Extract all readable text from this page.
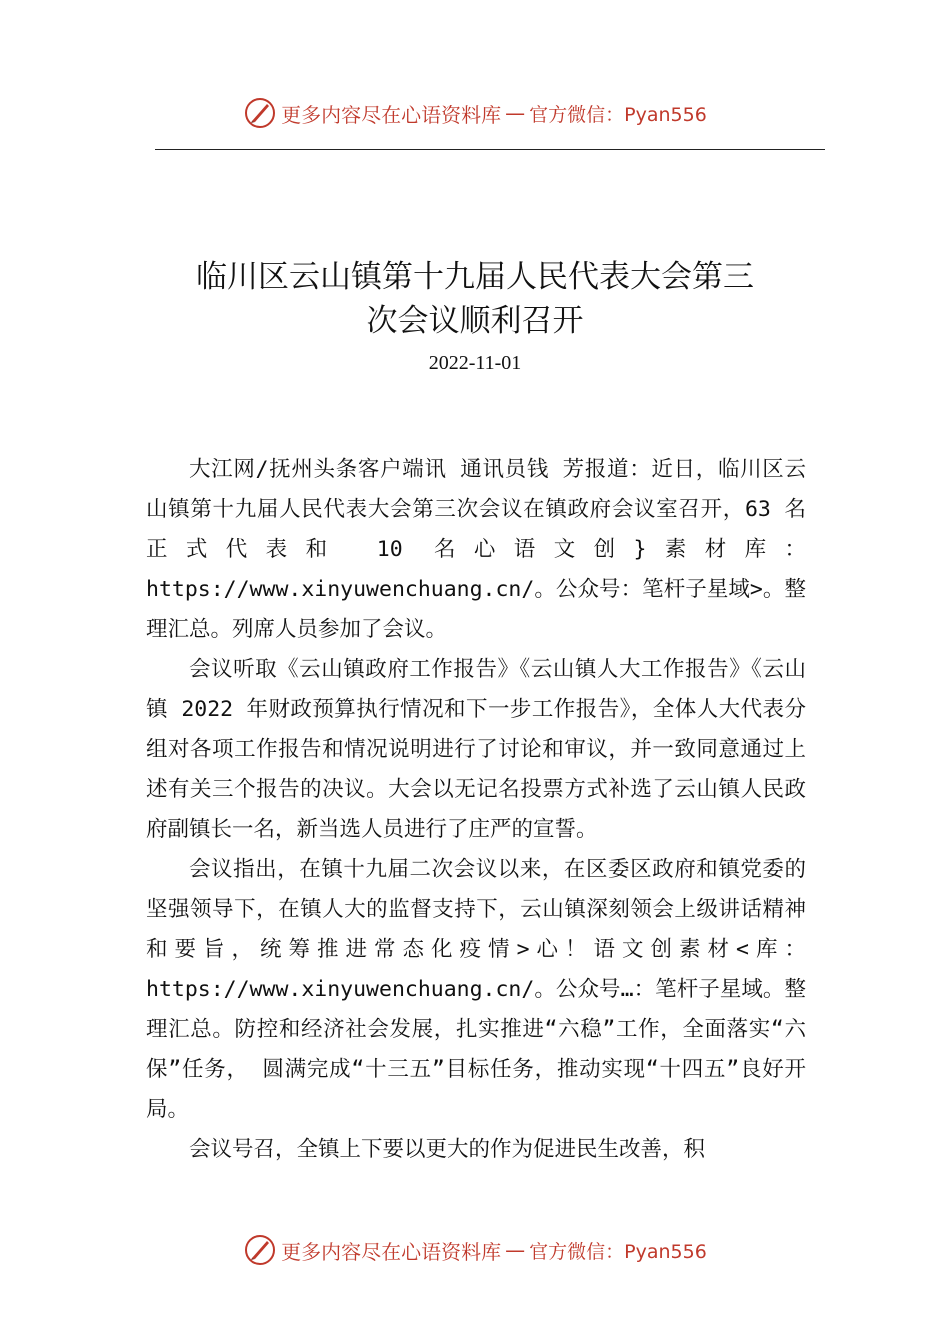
更多内容尽在心语资料库 — 官方微信：Pyan556
临川区云山镇第十九届人民代表大会第三
次会议顺利召开
2022-11-01

大江网/抚州头条客户端讯 通讯员钱 芳报道：近日，临川区云山镇第十九届人民代表大会第三次会议在镇政府会议室召开，63 名正式代表和 10 名心语文创}素材库：https://www.xinyuwenchuang.cn/。公众号：笔杆子星域>。整理汇总。列席人员参加了会议。

会议听取《云山镇政府工作报告》《云山镇人大工作报告》《云山镇 2022 年财政预算执行情况和下一步工作报告》，全体人大代表分组对各项工作报告和情况说明进行了讨论和审议，并一致同意通过上述有关三个报告的决议。大会以无记名投票方式补选了云山镇人民政府副镇长一名，新当选人员进行了庄严的宣誓。

会议指出，在镇十九届二次会议以来，在区委区政府和镇党委的坚强领导下，在镇人大的监督支持下，云山镇深刻领会上级讲话精神和要旨，统筹推进常态化疫情>心！语文创素材<库：https://www.xinyuwenchuang.cn/。公众号…：笔杆子星域。整理汇总。防控和经济社会发展，扎实推进“六稳”工作，全面落实“六保”任务， 圆满完成“十三五”目标任务，推动实现“十四五”良好开局。

会议号召，全镇上下要以更大的作为促进民生改善，积

更多内容尽在心语资料库 — 官方微信：Pyan556
